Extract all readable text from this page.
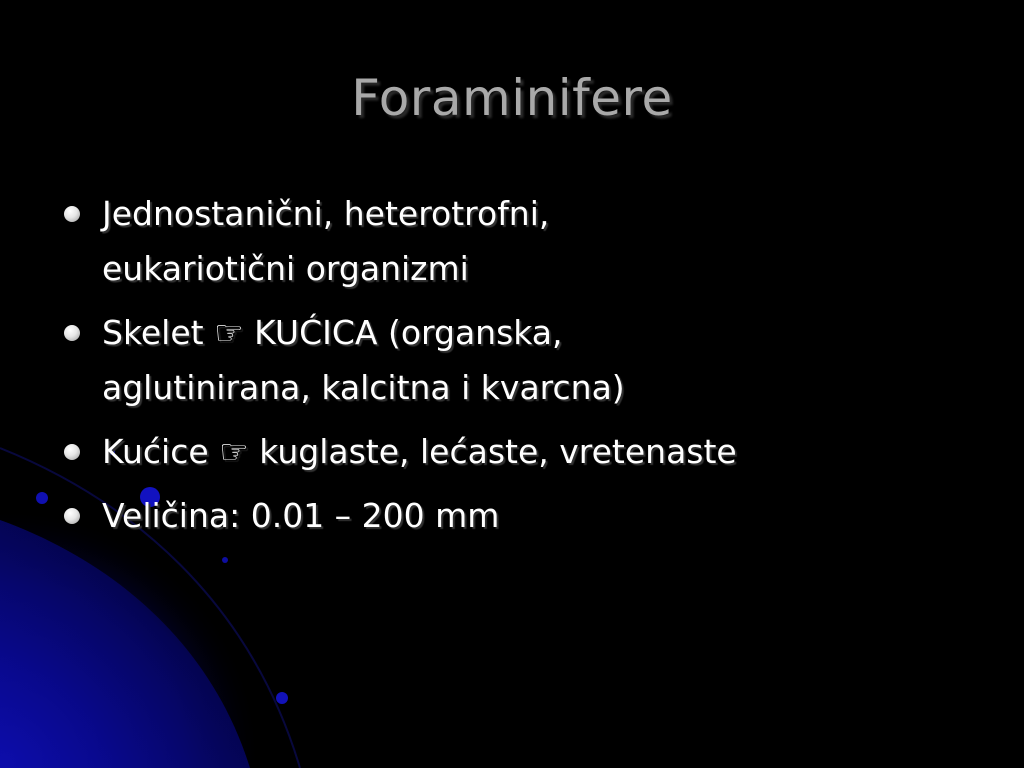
Foraminifere
Jednostanični, heterotrofni,
eukariotični organizmi
Skelet ☞ KUĆICA (organska,
aglutinirana, kalcitna i kvarcna)
Kućice ☞ kuglaste, lećaste, vretenaste
Veličina: 0.01 – 200 mm
